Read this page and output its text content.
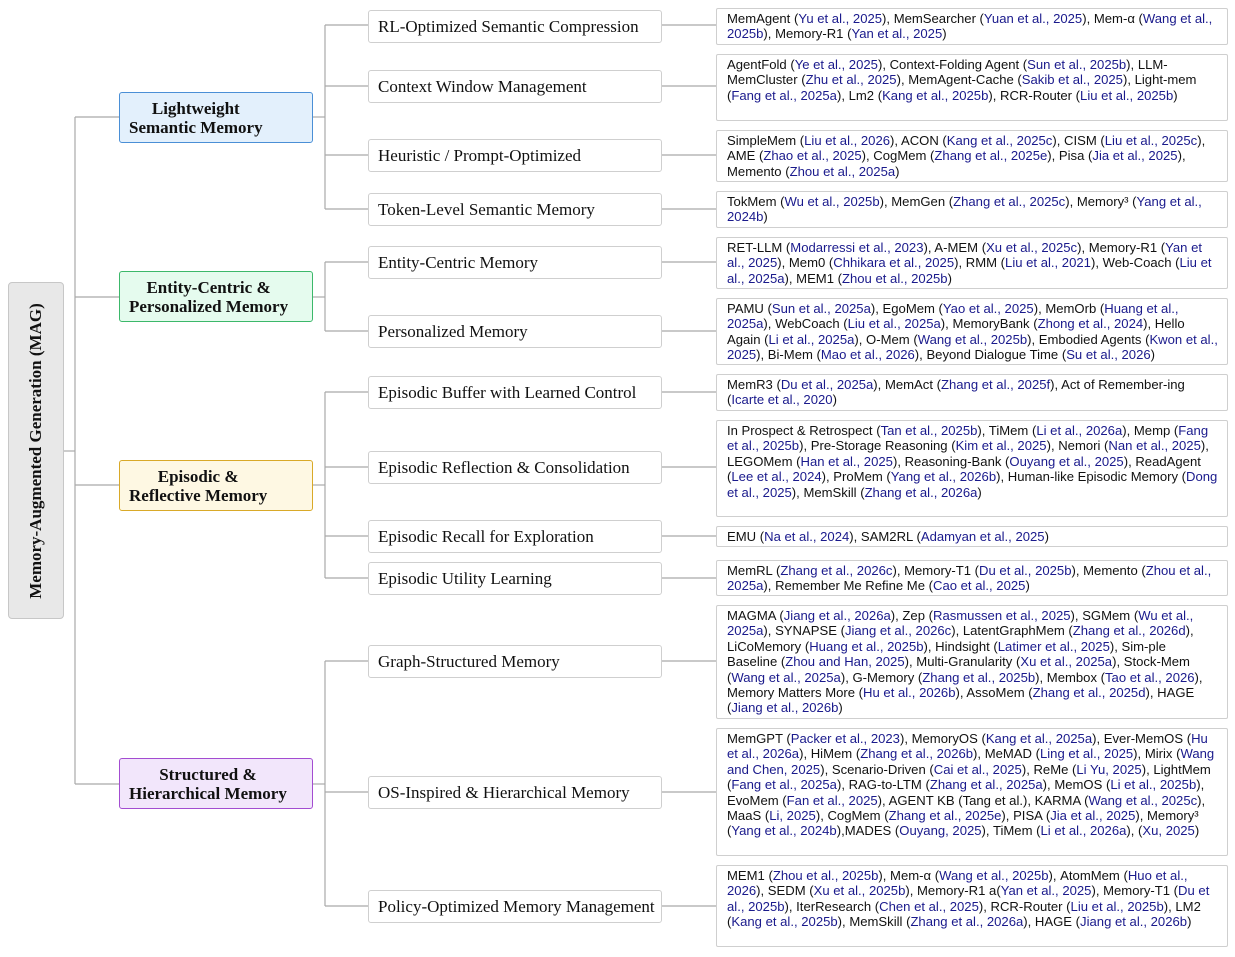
Memory-Augmented Generation (MAG)
Lightweight
Semantic Memory
Entity-Centric &
Personalized Memory
Episodic &
Reflective Memory
Structured &
Hierarchical Memory
RL-Optimized Semantic Compression
Context Window Management
Heuristic / Prompt-Optimized
Token-Level Semantic Memory
Entity-Centric Memory
Personalized Memory
Episodic Buffer with Learned Control
Episodic Reflection & Consolidation
Episodic Recall for Exploration
Episodic Utility Learning
Graph-Structured Memory
OS-Inspired & Hierarchical Memory
Policy-Optimized Memory Management
MemAgent (Yu et al., 2025), MemSearcher (Yuan et al., 2025), Mem-α (Wang et al., 2025b), Memory-R1 (Yan et al., 2025)
AgentFold (Ye et al., 2025), Context-Folding Agent (Sun et al., 2025b), LLM-MemCluster (Zhu et al., 2025), MemAgent-Cache (Sakib et al., 2025), Light-mem (Fang et al., 2025a), Lm2 (Kang et al., 2025b), RCR-Router (Liu et al., 2025b)
SimpleMem (Liu et al., 2026), ACON (Kang et al., 2025c), CISM (Liu et al., 2025c), AME (Zhao et al., 2025), CogMem (Zhang et al., 2025e), Pisa (Jia et al., 2025), Memento (Zhou et al., 2025a)
TokMem (Wu et al., 2025b), MemGen (Zhang et al., 2025c), Memory³ (Yang et al., 2024b)
RET-LLM (Modarressi et al., 2023), A-MEM (Xu et al., 2025c), Memory-R1 (Yan et al., 2025), Mem0 (Chhikara et al., 2025), RMM (Liu et al., 2021), Web-Coach (Liu et al., 2025a), MEM1 (Zhou et al., 2025b)
PAMU (Sun et al., 2025a), EgoMem (Yao et al., 2025), MemOrb (Huang et al., 2025a), WebCoach (Liu et al., 2025a), MemoryBank (Zhong et al., 2024), Hello Again (Li et al., 2025a), O-Mem (Wang et al., 2025b), Embodied Agents (Kwon et al., 2025), Bi-Mem (Mao et al., 2026), Beyond Dialogue Time (Su et al., 2026)
MemR3 (Du et al., 2025a), MemAct (Zhang et al., 2025f), Act of Remember-ing (Icarte et al., 2020)
In Prospect & Retrospect (Tan et al., 2025b), TiMem (Li et al., 2026a), Memp (Fang et al., 2025b), Pre-Storage Reasoning (Kim et al., 2025), Nemori (Nan et al., 2025), LEGOMem (Han et al., 2025), Reasoning-Bank (Ouyang et al., 2025), ReadAgent (Lee et al., 2024), ProMem (Yang et al., 2026b), Human-like Episodic Memory (Dong et al., 2025), MemSkill (Zhang et al., 2026a)
EMU (Na et al., 2024), SAM2RL (Adamyan et al., 2025)
MemRL (Zhang et al., 2026c), Memory-T1 (Du et al., 2025b), Memento (Zhou et al., 2025a), Remember Me Refine Me (Cao et al., 2025)
MAGMA (Jiang et al., 2026a), Zep (Rasmussen et al., 2025), SGMem (Wu et al., 2025a), SYNAPSE (Jiang et al., 2026c), LatentGraphMem (Zhang et al., 2026d), LiCoMemory (Huang et al., 2025b), Hindsight (Latimer et al., 2025), Sim-ple Baseline (Zhou and Han, 2025), Multi-Granularity (Xu et al., 2025a), Stock-Mem (Wang et al., 2025a), G-Memory (Zhang et al., 2025b), Membox (Tao et al., 2026), Memory Matters More (Hu et al., 2026b), AssoMem (Zhang et al., 2025d), HAGE (Jiang et al., 2026b)
MemGPT (Packer et al., 2023), MemoryOS (Kang et al., 2025a), Ever-MemOS (Hu et al., 2026a), HiMem (Zhang et al., 2026b), MeMAD (Ling et al., 2025), Mirix (Wang and Chen, 2025), Scenario-Driven (Cai et al., 2025), ReMe (Li Yu, 2025), LightMem (Fang et al., 2025a), RAG-to-LTM (Zhang et al., 2025a), MemOS (Li et al., 2025b), EvoMem (Fan et al., 2025), AGENT KB (Tang et al.), KARMA (Wang et al., 2025c), MaaS (Li, 2025), CogMem (Zhang et al., 2025e), PISA (Jia et al., 2025), Memory³ (Yang et al., 2024b),MADES (Ouyang, 2025), TiMem (Li et al., 2026a), (Xu, 2025)
MEM1 (Zhou et al., 2025b), Mem-α (Wang et al., 2025b), AtomMem (Huo et al., 2026), SEDM (Xu et al., 2025b), Memory-R1 a(Yan et al., 2025), Memory-T1 (Du et al., 2025b), IterResearch (Chen et al., 2025), RCR-Router (Liu et al., 2025b), LM2 (Kang et al., 2025b), MemSkill (Zhang et al., 2026a), HAGE (Jiang et al., 2026b)
